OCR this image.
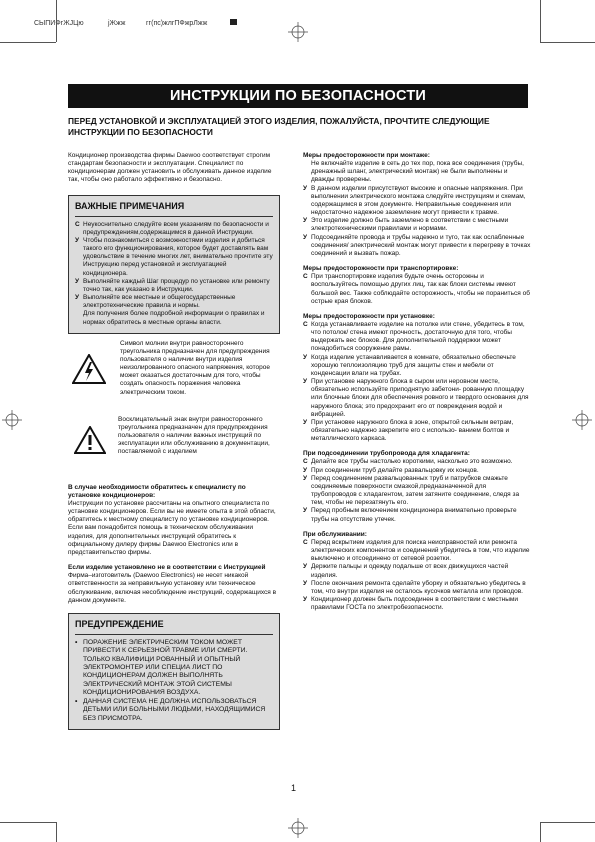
СЫПИФгЖЈЦю	јЖжж	гг(пс)жлгПФжрЛжж
ИНСТРУКЦИИ ПО БЕЗОПАСНОСТИ
ПЕРЕД УСТАНОВКОЙ И ЭКСПЛУАТАЦИЕЙ ЭТОГО ИЗДЕЛИЯ, ПОЖАЛУЙСТА, ПРОЧТИТЕ СЛЕДУЮЩИЕ ИНСТРУКЦИИ ПО БЕЗОПАСНОСТИ

Кондиционер производства фирмы Daewoo соответствует строгим стандартам безопасности и эксплуатации. Специалист по кондиционерам должен установить и обслуживать данное изделие так, чтобы оно работало эффективно и безопасно.

ВАЖНЫЕ ПРИМЕЧАНИЯ

C Неукоснительно следуйте всем указаниям по безопасности и предупреждениям,содержащимся в данной Инструкции.

У Чтобы познакомиться с возможностями изделия и добиться такого его функционирования, которое будет доставлять вам удовольствие в течение многих лет, внимательно прочтите эту Инструкцию перед установкой и эксплуатацией кондиционера.

У Выполняйте каждый Шаг процедур по установке или ремонту точно так, как указано в Инструкции.

У Выполняйте все местные и общегосударственные электротехнические правила и нормы.

Для получения более подробной информации о правилах и нормах обратитесь в местные органы власти.

Символ молнии внутри равностороннего треугольника предназначен для предупреждения пользователя о наличии внутри изделия неизолированного опасного напряжения, которое может оказаться достаточным для того, чтобы создать опасность поражения человека электрическим током.

Восклицательный знак внутри равностороннего треугольника предназначен для предупреждения пользователя о наличии важных инструкций по эксплуатации или обслуживанию в документации, поставляемой с изделием

В случае необходимости обратитесь к специалисту по установке кондиционеров:

Инструкции по установке рассчитаны на опытного специалиста по установке кондиционеров. Если вы не имеете опыта в этой области, обратитесь к местному специалисту по установке кондиционеров. Если вам понадобится помощь в техническом обслуживании изделия, для дополнительных инструкций обратитесь к официальному дилеру фирмы Daewoo Electronics или в представительство фирмы.

Если изделие установлено не в соответствии с Инструкцией

Фирма–изготовитель (Daewoo Electronics) не несет никакой ответственности за неправильную установку или техническое обслуживание, включая несоблюдение инструкций, содержащихся в данном документе.

ПРЕДУПРЕЖДЕНИЕ

• ПОРАЖЕНИЕ ЭЛЕКТРИЧЕСКИМ ТОКОМ МОЖЕТ ПРИВЕСТИ К СЕРЬЕЗНОЙ ТРАВМЕ ИЛИ СМЕРТИ. ТОЛЬКО КВАЛИФИЦИ РОВАННЫЙ И ОПЫТНЫЙ ЭЛЕКТРОМОНТЕР ИЛИ СПЕЦИА ЛИСТ ПО КОНДИЦИОНЕРАМ ДОЛЖЕН ВЫПОЛНЯТЬ ЭЛЕКТРИЧЕСКИЙ МОНТАЖ ЭТОЙ СИСТЕМЫ КОНДИЦИОНИРОВАНИЯ ВОЗДУХА.

• ДАННАЯ СИСТЕМА НЕ ДОЛЖНА ИСПОЛЬЗОВАТЬСЯ ДЕТЬМИ ИЛИ БОЛЬНЫМИ ЛЮДЬМИ, НАХОДЯЩИМИСЯ БЕЗ ПРИСМОТРА.

Меры предосторожности при монтаже:

Не включайте изделие в сеть до тех пор, пока все соединения (трубы, дренажный шланг, электрический монтаж) не были выполнены и дважды проверены.

У В данном изделии присутствуют высокие и опасные напряжения. При выполнении электрического монтажа следуйте инструкциям и схемам, содержащимся в этом документе. Неправильные соединения или недостаточно надежное заземление могут привести к травме.

У Это изделие должно быть заземлено в соответствии с местными электротехническими правилами и нормами.

У Подсоединяйте провода и трубы надежно и туго, так как ослабленные соединения/ электрический монтаж могут привести к перегреву в точках соединений и вызвать пожар.

Меры предосторожности при транспортировке:

С При транспортировке изделия будьте очень осторожны и воспользуйтесь помощью других лиц, так как блоки системы имеют большой вес. Также соблюдайте осторожность, чтобы не пораниться об острые края блоков.

Меры предосторожности при установке:

С Когда устанавливаете изделие на потолке или стене, убедитесь в том, что потолок/ стена имеют прочность, достаточную для того, чтобы выдержать вес блоков. Для дополнительной поддержки может понадобиться сооружение рамы.

У Когда изделие устанавливается в комнате, обязательно обеспечьте хорошую теплоизоляцию труб для защиты стен и мебели от конденсации влаги на трубах.

У При установке наружного блока в сыром или неровном месте, обязательно используйте приподнятую забетони- рованную площадку или блочные блоки для обеспечения ровного и твердого основания для наружного блока; это предохранит его от повреждения водой и вибрацией.

У При установке наружного блока в зоне, открытой сильным ветрам, обязательно надежно закрепите его с использо- ванием болтов и металлического каркаса.

При подсоединении трубопровода для хладагента:

С Делайте все трубы настолько короткими, насколько это возможно.

У При соединении труб делайте развальцовку их концов.

У Перед соединением развальцованных труб и патрубков смажьте соединяемые поверхности смазкой,предназначенной для трубопроводов с хладагентом, затем затяните соединение, следя за тем, чтобы не перезатянуть его.

У Перед пробным включением кондиционера внимательно проверьте трубы на отсутствие утечек.

При обслуживании:

С Перед вскрытием изделия для поиска неисправностей или ремонта электрических компонентов и соединений убедитесь в том, что изделие выключено и отсоединено от сетевой розетки.

У Держите пальцы и одежду подальше от всех движущихся частей изделия.

У После окончания ремонта сделайте уборку и обязательно убедитесь в том, что внутри изделия не осталось кусочков металла или проводов.

У Кондиционер должен быть подсоединен в соответствии с местными правилами ГОСТа по электробезопасности.

1
